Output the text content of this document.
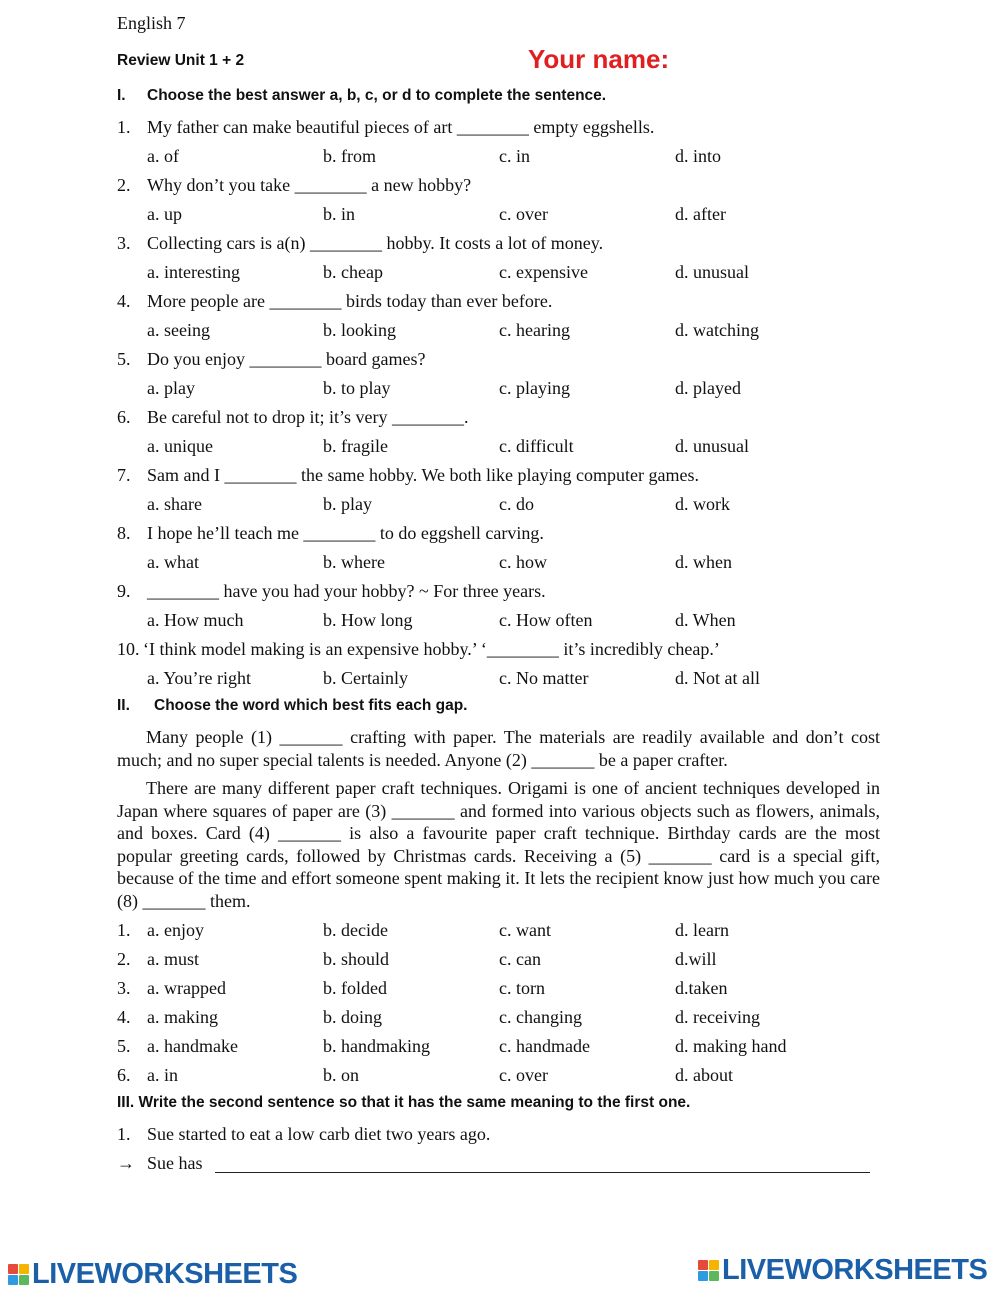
English 7
Review Unit 1 + 2	Your name:
I. Choose the best answer a, b, c, or d to complete the sentence.
1. My father can make beautiful pieces of art ________ empty eggshells.
a. of	b. from	c. in	d. into
2. Why don’t you take ________ a new hobby?
a. up	b. in	c. over	d. after
3. Collecting cars is a(n) ________ hobby. It costs a lot of money.
a. interesting	b. cheap	c. expensive	d. unusual
4. More people are ________ birds today than ever before.
a. seeing	b. looking	c. hearing	d. watching
5. Do you enjoy ________ board games?
a. play	b. to play	c. playing	d. played
6. Be careful not to drop it; it’s very ________.
a. unique	b. fragile	c. difficult	d. unusual
7. Sam and I ________ the same hobby. We both like playing computer games.
a. share	b. play	c. do	d. work
8. I hope he’ll teach me ________ to do eggshell carving.
a. what	b. where	c. how	d. when
9. ________ have you had your hobby? ~ For three years.
a. How much	b. How long	c. How often	d. When
10. ‘I think model making is an expensive hobby.’ ‘________ it’s incredibly cheap.’
a. You’re right	b. Certainly	c. No matter	d. Not at all
II. Choose the word which best fits each gap.
Many people (1) _______ crafting with paper. The materials are readily available and don’t cost much; and no super special talents is needed. Anyone (2) _______ be a paper crafter.
There are many different paper craft techniques. Origami is one of ancient techniques developed in Japan where squares of paper are (3) _______ and formed into various objects such as flowers, animals, and boxes. Card (4) _______ is also a favourite paper craft technique. Birthday cards are the most popular greeting cards, followed by Christmas cards. Receiving a (5) _______ card is a special gift, because of the time and effort someone spent making it. It lets the recipient know just how much you care (8) _______ them.
1. a. enjoy	b. decide	c. want	d. learn
2. a. must	b. should	c. can	d.will
3. a. wrapped	b. folded	c. torn	d.taken
4. a. making	b. doing	c. changing	d. receiving
5. a. handmake	b. handmaking	c. handmade	d. making hand
6. a. in	b. on	c. over	d. about
III. Write the second sentence so that it has the same meaning to the first one.
1. Sue started to eat a low carb diet two years ago.
→ Sue has
LIVEWORKSHEETS	LIVEWORKSHEETS
